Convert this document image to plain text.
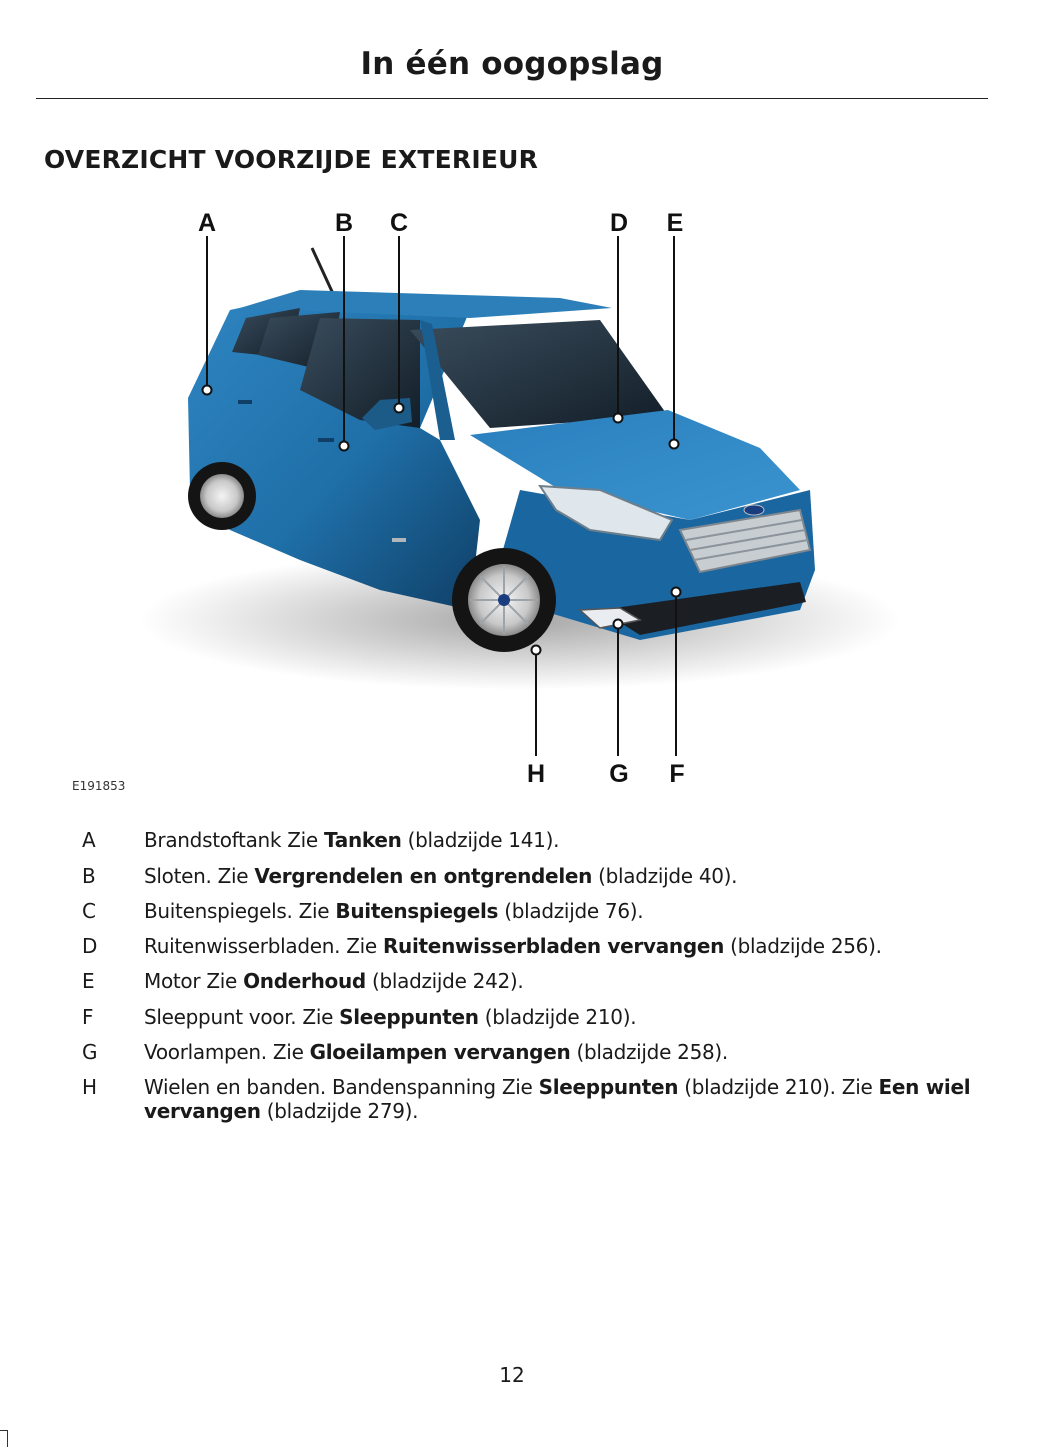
In één oogopslag
OVERZICHT VOORZIJDE EXTERIEUR
A	B C	D E
H	G F
E191853
A	Brandstoftank Zie Tanken (bladzijde 141).
B	Sloten. Zie Vergrendelen en ontgrendelen (bladzijde 40).
C	Buitenspiegels. Zie Buitenspiegels (bladzijde 76).
D Ruitenwisserbladen. Zie Ruitenwisserbladen vervangen (bladzijde 256).
E	Motor Zie Onderhoud (bladzijde 242).
F	Sleeppunt voor. Zie Sleeppunten (bladzijde 210).
G Voorlampen. Zie Gloeilampen vervangen (bladzijde 258).
H Wielen en banden. Bandenspanning Zie Sleeppunten (bladzijde 210). Zie Een wiel vervangen (bladzijde 279).
12
